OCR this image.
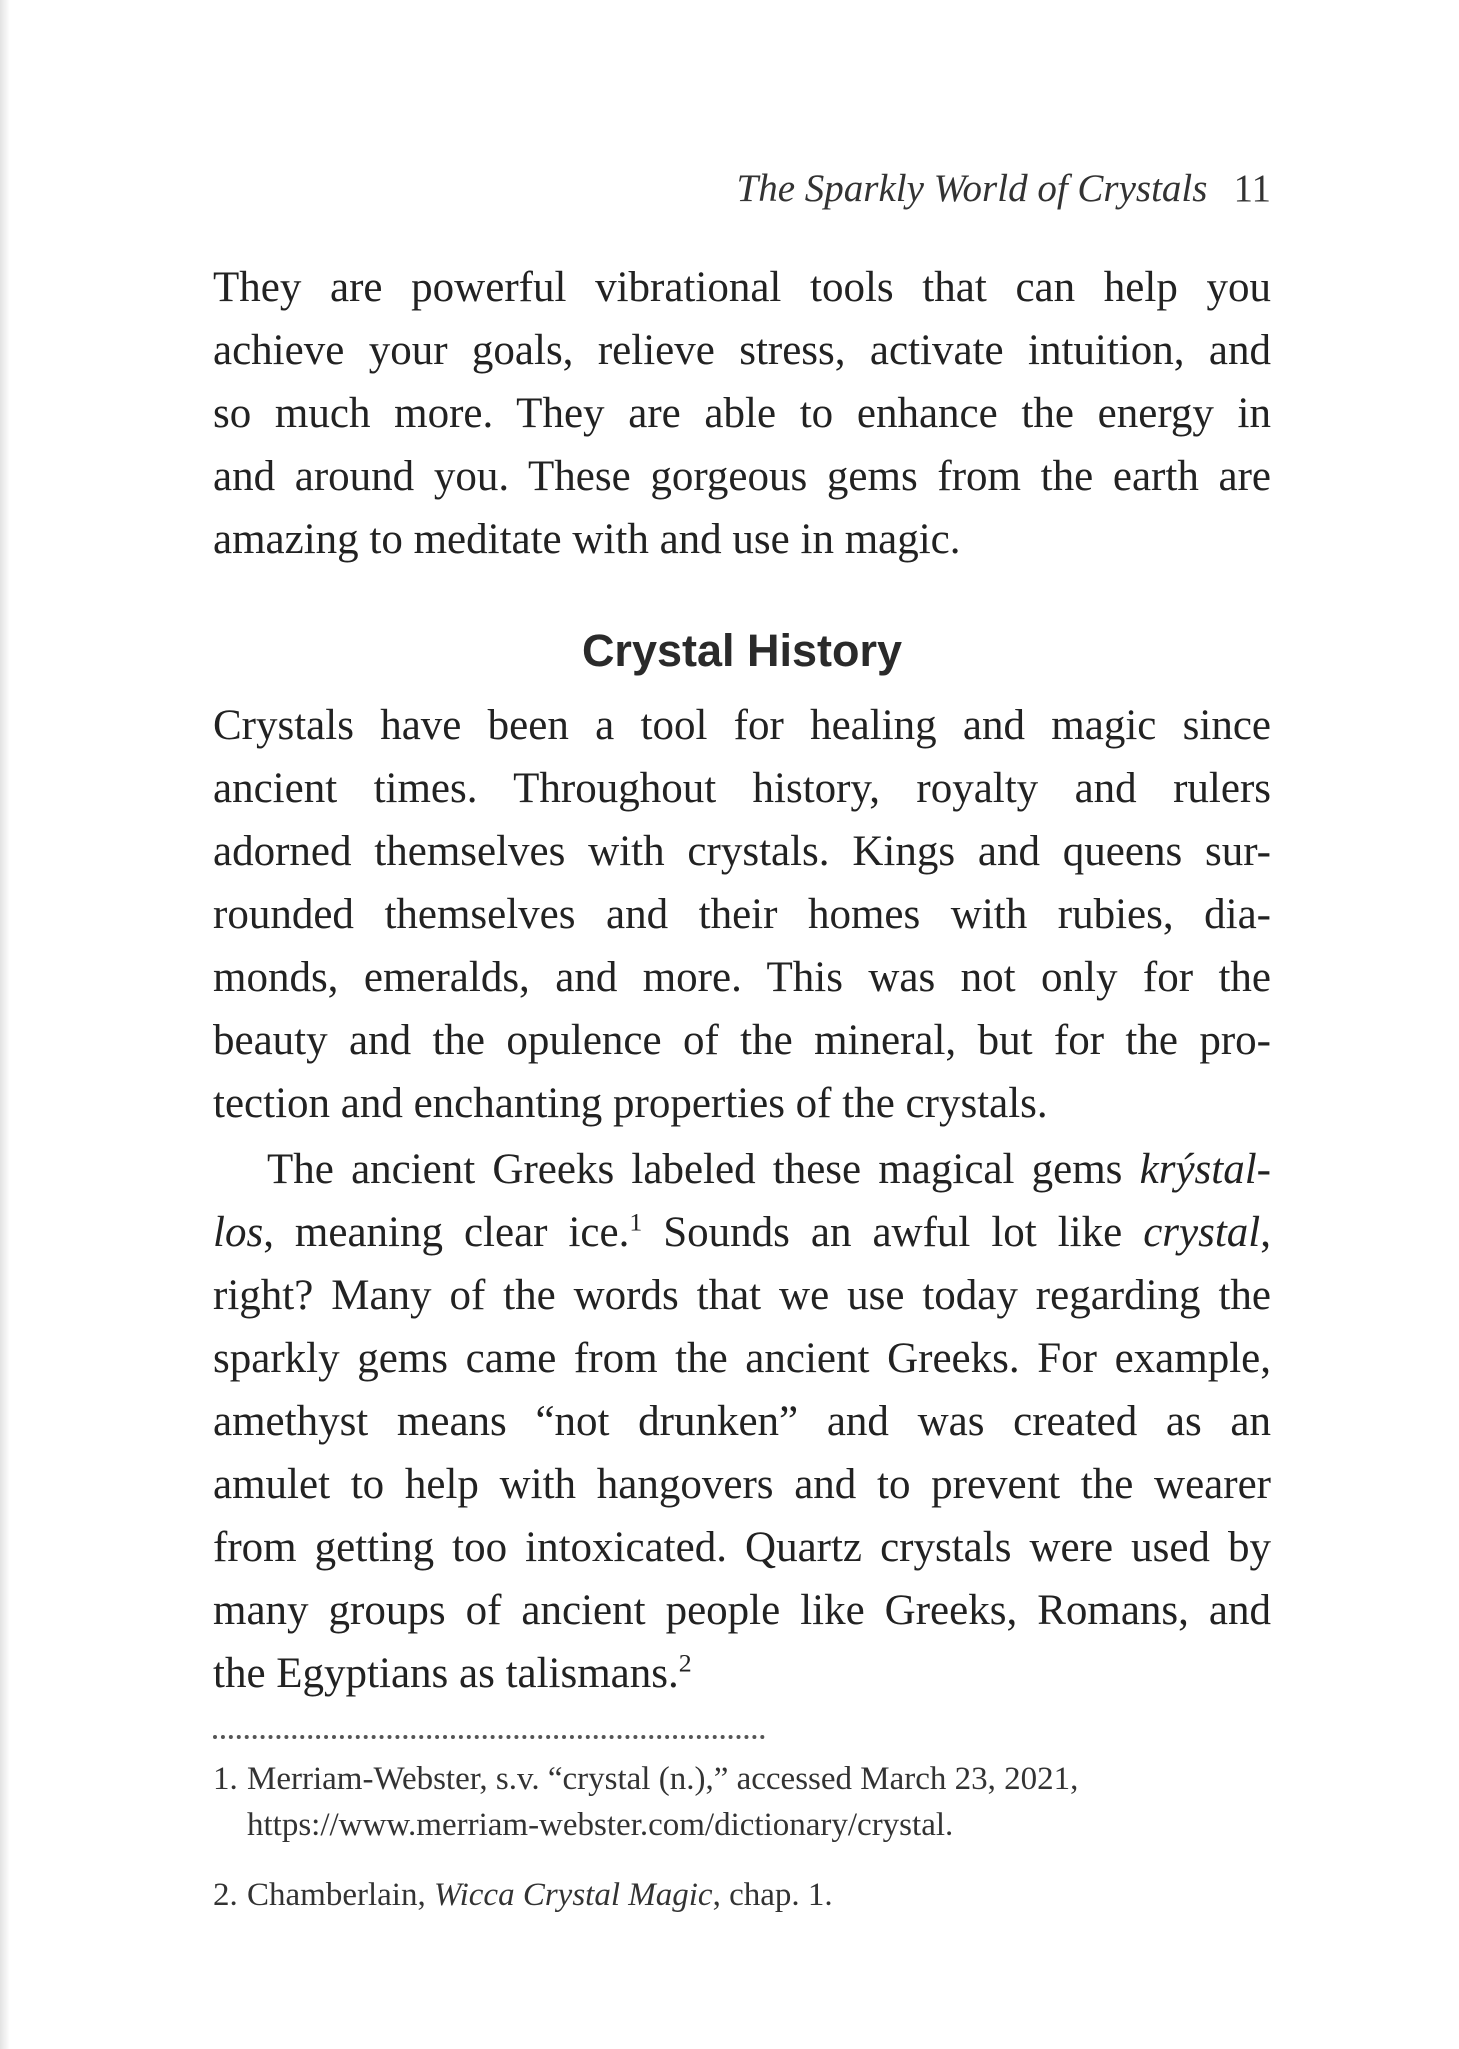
The Sparkly World of Crystals 11

They are powerful vibrational tools that can help you
achieve your goals, relieve stress, activate intuition, and
so much more. They are able to enhance the energy in
and around you. These gorgeous gems from the earth are
amazing to meditate with and use in magic.

Crystal History

Crystals have been a tool for healing and magic since
ancient times. Throughout history, royalty and rulers
adorned themselves with crystals. Kings and queens sur-
rounded themselves and their homes with rubies, dia-
monds, emeralds, and more. This was not only for the
beauty and the opulence of the mineral, but for the pro-
tection and enchanting properties of the crystals.

The ancient Greeks labeled these magical gems krýstal-
los, meaning clear ice.$^1$ Sounds an awful lot like crystal,
right? Many of the words that we use today regarding the
sparkly gems came from the ancient Greeks. For example,
amethyst means “not drunken” and was created as an
amulet to help with hangovers and to prevent the wearer
from getting too intoxicated. Quartz crystals were used by
many groups of ancient people like Greeks, Romans, and
the Egyptians as talismans.$^2$

1. Merriam-Webster, s.v. “crystal (n.),” accessed March 23, 2021,
https://www.merriam-webster.com/dictionary/crystal.
2. Chamberlain, Wicca Crystal Magic, chap. 1.
